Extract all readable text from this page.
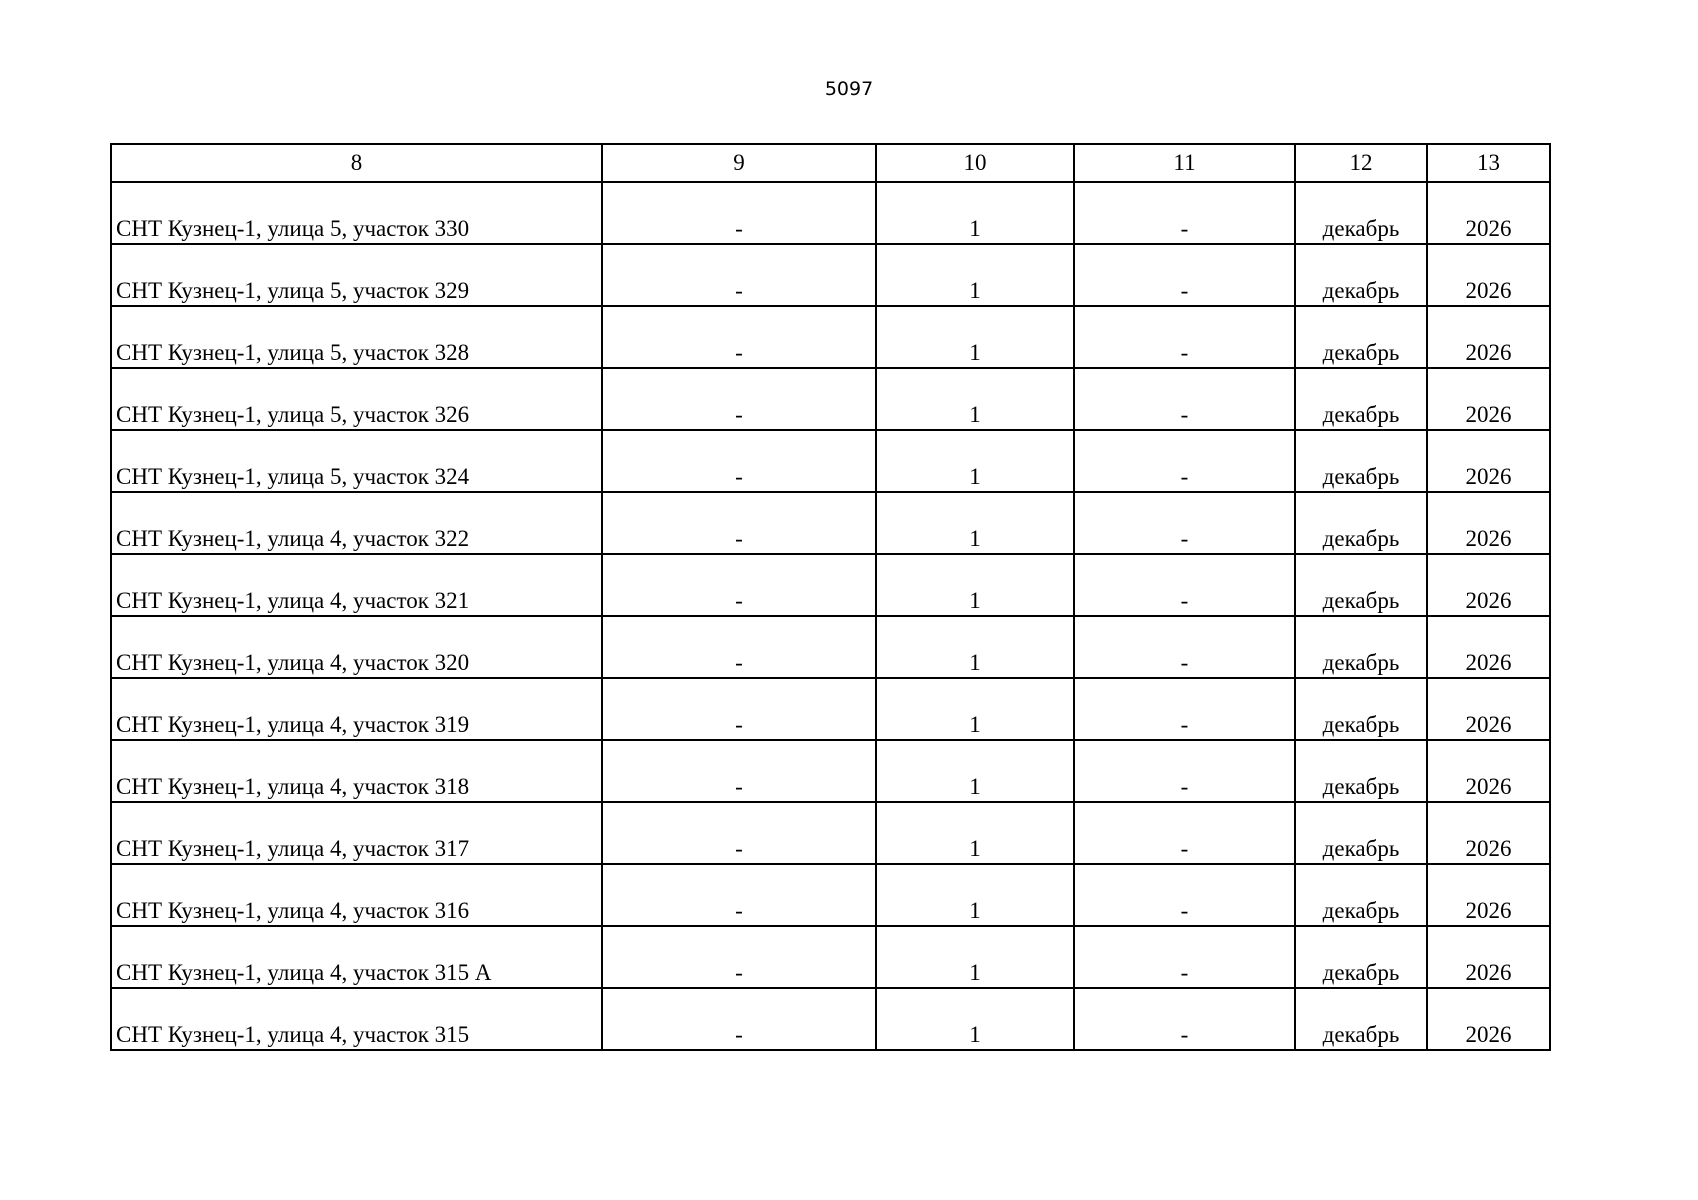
5097
8	9	10	11	12	13
СНТ Кузнец-1, улица 5, участок 330	-	1	-	декабрь	2026
СНТ Кузнец-1, улица 5, участок 329	-	1	-	декабрь	2026
СНТ Кузнец-1, улица 5, участок 328	-	1	-	декабрь	2026
СНТ Кузнец-1, улица 5, участок 326	-	1	-	декабрь	2026
СНТ Кузнец-1, улица 5, участок 324	-	1	-	декабрь	2026
СНТ Кузнец-1, улица 4, участок 322	-	1	-	декабрь	2026
СНТ Кузнец-1, улица 4, участок 321	-	1	-	декабрь	2026
СНТ Кузнец-1, улица 4, участок 320	-	1	-	декабрь	2026
СНТ Кузнец-1, улица 4, участок 319	-	1	-	декабрь	2026
СНТ Кузнец-1, улица 4, участок 318	-	1	-	декабрь	2026
СНТ Кузнец-1, улица 4, участок 317	-	1	-	декабрь	2026
СНТ Кузнец-1, улица 4, участок 316	-	1	-	декабрь	2026
СНТ Кузнец-1, улица 4, участок 315 А	-	1	-	декабрь	2026
СНТ Кузнец-1, улица 4, участок 315	-	1	-	декабрь	2026
